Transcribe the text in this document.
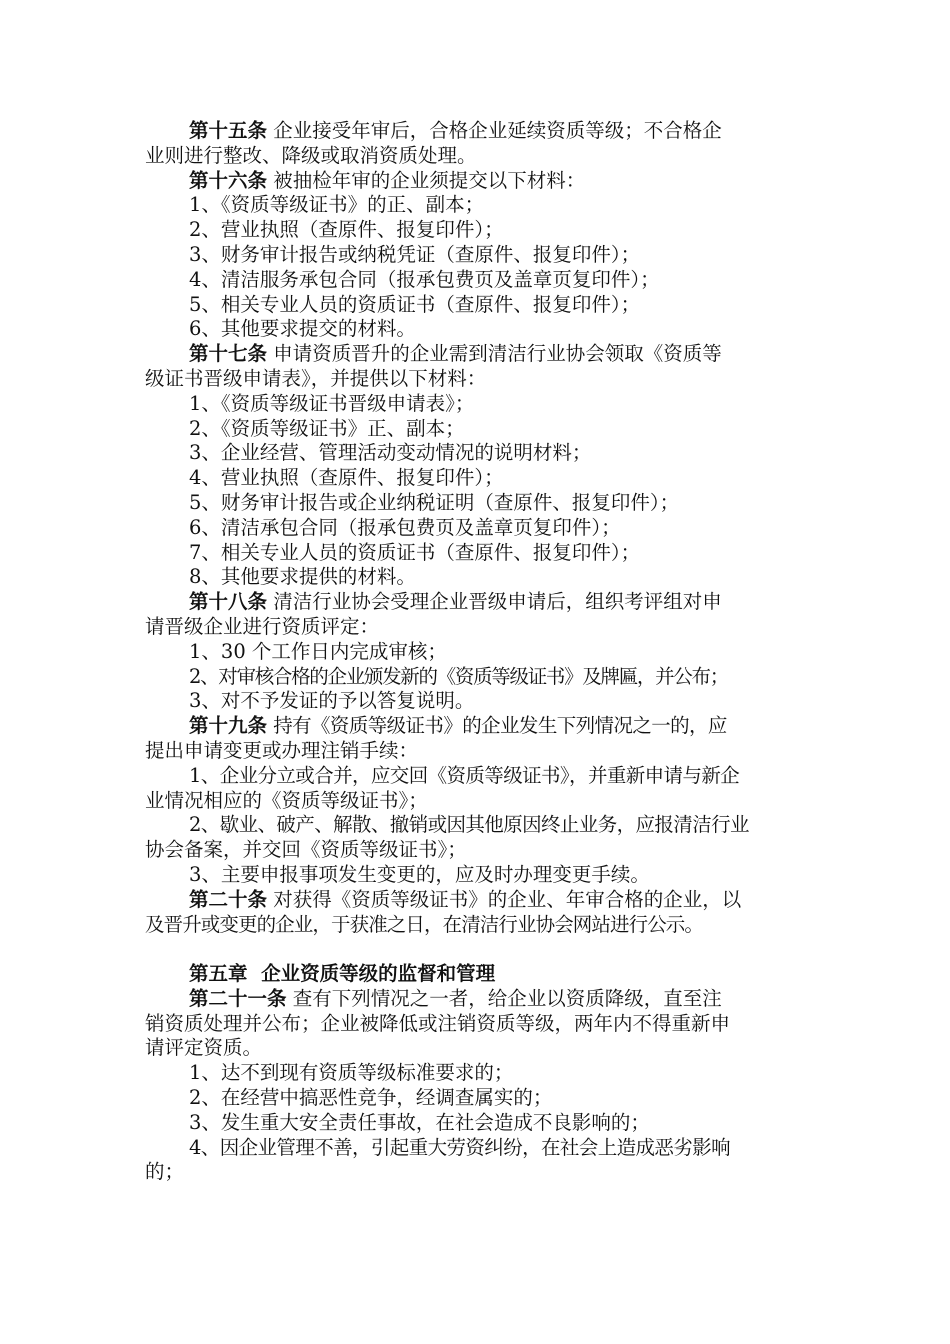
第十五条 企业接受年审后，合格企业延续资质等级；不合格企
业则进行整改、降级或取消资质处理。
第十六条 被抽检年审的企业须提交以下材料：
1、《资质等级证书》的正、副本；
2、营业执照（查原件、报复印件）；
3、财务审计报告或纳税凭证（查原件、报复印件）；
4、清洁服务承包合同（报承包费页及盖章页复印件）；
5、相关专业人员的资质证书（查原件、报复印件）；
6、其他要求提交的材料。
第十七条 申请资质晋升的企业需到清洁行业协会领取《资质等
级证书晋级申请表》，并提供以下材料：
1、《资质等级证书晋级申请表》；
2、《资质等级证书》正、副本；
3、企业经营、管理活动变动情况的说明材料；
4、营业执照（查原件、报复印件）；
5、财务审计报告或企业纳税证明（查原件、报复印件）；
6、清洁承包合同（报承包费页及盖章页复印件）；
7、相关专业人员的资质证书（查原件、报复印件）；
8、其他要求提供的材料。
第十八条 清洁行业协会受理企业晋级申请后，组织考评组对申
请晋级企业进行资质评定：
1、30 个工作日内完成审核；
2、对审核合格的企业颁发新的《资质等级证书》及牌匾，并公布；
3、对不予发证的予以答复说明。
第十九条 持有《资质等级证书》的企业发生下列情况之一的，应
提出申请变更或办理注销手续：
1、企业分立或合并，应交回《资质等级证书》，并重新申请与新企
业情况相应的《资质等级证书》；
2、歇业、破产、解散、撤销或因其他原因终止业务，应报清洁行业
协会备案，并交回《资质等级证书》；
3、主要申报事项发生变更的，应及时办理变更手续。
第二十条 对获得《资质等级证书》的企业、年审合格的企业，以
及晋升或变更的企业，于获准之日，在清洁行业协会网站进行公示。
第五章  企业资质等级的监督和管理
第二十一条 查有下列情况之一者，给企业以资质降级，直至注
销资质处理并公布；企业被降低或注销资质等级，两年内不得重新申
请评定资质。
1、达不到现有资质等级标准要求的；
2、在经营中搞恶性竞争，经调查属实的；
3、发生重大安全责任事故，在社会造成不良影响的；
4、因企业管理不善，引起重大劳资纠纷，在社会上造成恶劣影响
的；
